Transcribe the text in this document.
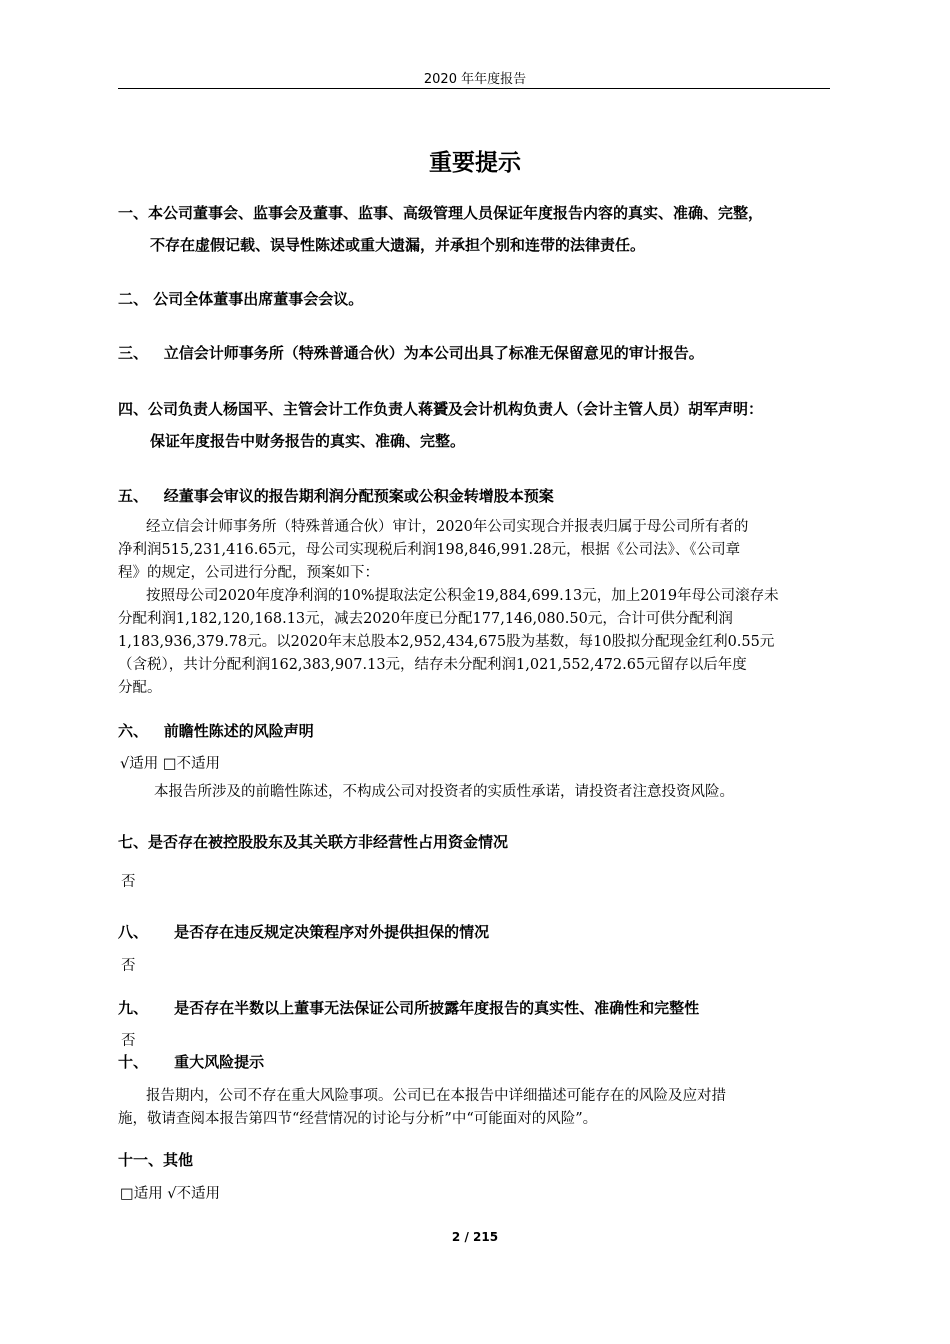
2020 年年度报告
重要提示
一、本公司董事会、监事会及董事、监事、高级管理人员保证年度报告内容的真实、准确、完整，
不存在虚假记载、误导性陈述或重大遗漏，并承担个别和连带的法律责任。
二、 公司全体董事出席董事会会议。
三、 立信会计师事务所（特殊普通合伙）为本公司出具了标准无保留意见的审计报告。
四、公司负责人杨国平、主管会计工作负责人蒋贇及会计机构负责人（会计主管人员）胡军声明：
保证年度报告中财务报告的真实、准确、完整。
五、 经董事会审议的报告期利润分配预案或公积金转增股本预案
经立信会计师事务所（特殊普通合伙）审计，2020年公司实现合并报表归属于母公司所有者的
净利润515,231,416.65元，母公司实现税后利润198,846,991.28元，根据《公司法》、《公司章
程》的规定，公司进行分配，预案如下：
按照母公司2020年度净利润的10%提取法定公积金19,884,699.13元，加上2019年母公司滚存未
分配利润1,182,120,168.13元，减去2020年度已分配177,146,080.50元，合计可供分配利润
1,183,936,379.78元。以2020年末总股本2,952,434,675股为基数，每10股拟分配现金红利0.55元
（含税），共计分配利润162,383,907.13元，结存未分配利润1,021,552,472.65元留存以后年度
分配。
六、 前瞻性陈述的风险声明
√适用 □不适用
本报告所涉及的前瞻性陈述，不构成公司对投资者的实质性承诺，请投资者注意投资风险。
七、是否存在被控股股东及其关联方非经营性占用资金情况
否
八、 是否存在违反规定决策程序对外提供担保的情况
否
九、 是否存在半数以上董事无法保证公司所披露年度报告的真实性、准确性和完整性
否
十、 重大风险提示
报告期内，公司不存在重大风险事项。公司已在本报告中详细描述可能存在的风险及应对措
施，敬请查阅本报告第四节“经营情况的讨论与分析”中“可能面对的风险”。
十一、其他
□适用 √不适用
2 / 215
